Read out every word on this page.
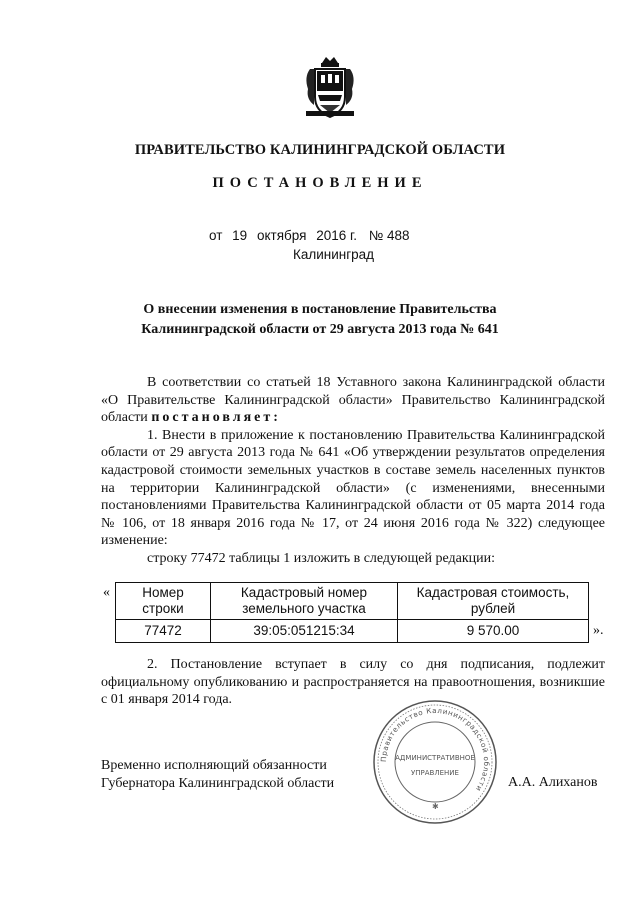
ПРАВИТЕЛЬСТВО КАЛИНИНГРАДСКОЙ ОБЛАСТИ
ПОСТАНОВЛЕНИЕ
от 19 октября 2016 г. № 488
Калининград
О внесении изменения в постановление Правительства
Калининградской области от 29 августа 2013 года № 641

В соответствии со статьей 18 Уставного закона Калининградской области «О Правительстве Калининградской области» Правительство Калининградской области постановляет:

1. Внести в приложение к постановлению Правительства Калининградской области от 29 августа 2013 года № 641 «Об утверждении результатов определения кадастровой стоимости земельных участков в составе земель населенных пунктов на территории Калининградской области» (с изменениями, внесенными постановлениями Правительства Калининградской области от 05 марта 2014 года № 106, от 18 января 2016 года № 17, от 24 июня 2016 года № 322) следующее изменение:

строку 77472 таблицы 1 изложить в следующей редакции:

« Номер строки	Кадастровый номер земельного участка	Кадастровая стоимость, рублей
77472	39:05:051215:34	9 570.00	».

2. Постановление вступает в силу со дня подписания, подлежит официальному опубликованию и распространяется на правоотношения, возникшие с 01 января 2014 года.

Временно исполняющий обязанности
Губернатора Калининградской области
Правительство Калининградской области
АДМИНИСТРАТИВНОЕ
УПРАВЛЕНИЕ
✱
А.А. Алиханов
